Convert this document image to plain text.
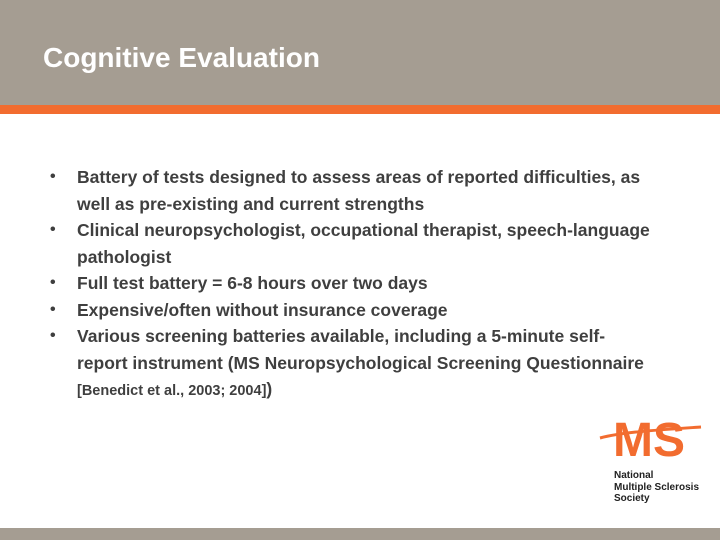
Cognitive Evaluation
• Battery of tests designed to assess areas of reported difficulties, as well as pre-existing and current strengths
• Clinical neuropsychologist, occupational therapist, speech-language pathologist
• Full test battery = 6-8 hours over two days
• Expensive/often without insurance coverage
• Various screening batteries available, including a 5-minute self-report instrument (MS Neuropsychological Screening Questionnaire [Benedict et al., 2003; 2004])
MS
National
Multiple Sclerosis
Society
